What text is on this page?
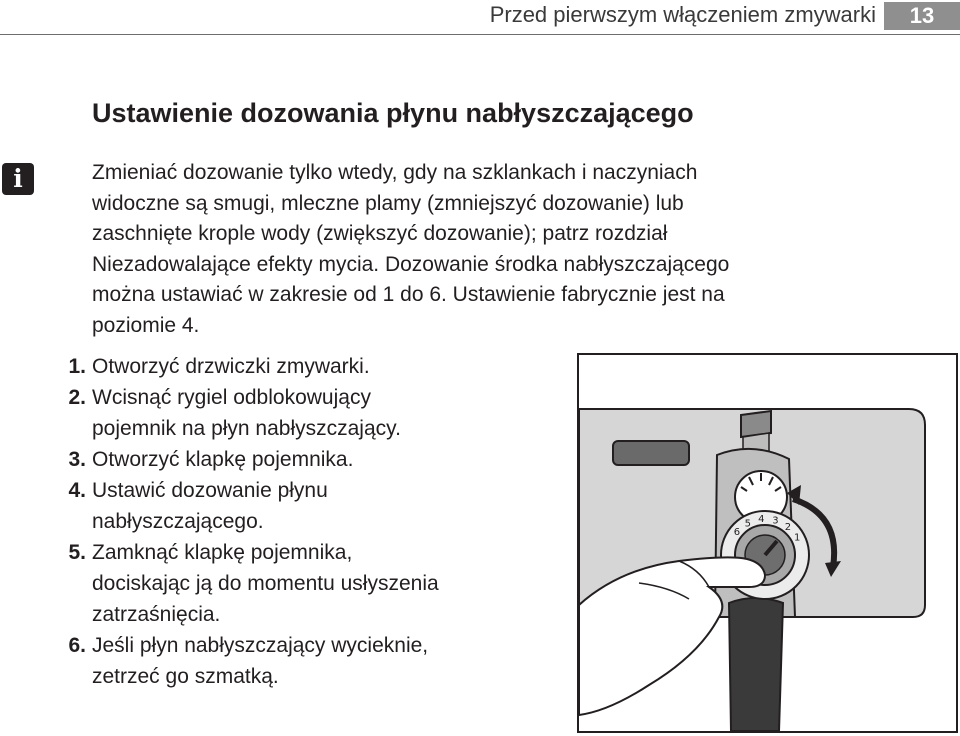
Przed pierwszym włączeniem zmywarki	13
Ustawienie dozowania płynu nabłyszczającego
i	Zmieniać dozowanie tylko wtedy, gdy na szklankach i naczyniach
widoczne są smugi, mleczne plamy (zmniejszyć dozowanie) lub
zaschnięte krople wody (zwiększyć dozowanie); patrz rozdział
Niezadowalające efekty mycia. Dozowanie środka nabłyszczającego
można ustawiać w zakresie od 1 do 6. Ustawienie fabrycznie jest na
poziomie 4.

1. Otworzyć drzwiczki zmywarki.
2. Wcisnąć rygiel odblokowujący
pojemnik na płyn nabłyszczający.
3. Otworzyć klapkę pojemnika.
4. Ustawić dozowanie płynu
nabłyszczającego.
5. Zamknąć klapkę pojemnika,
dociskając ją do momentu usłyszenia
zatrzaśnięcia.
6. Jeśli płyn nabłyszczający wycieknie,
zetrzeć go szmatką.
65 4 321
